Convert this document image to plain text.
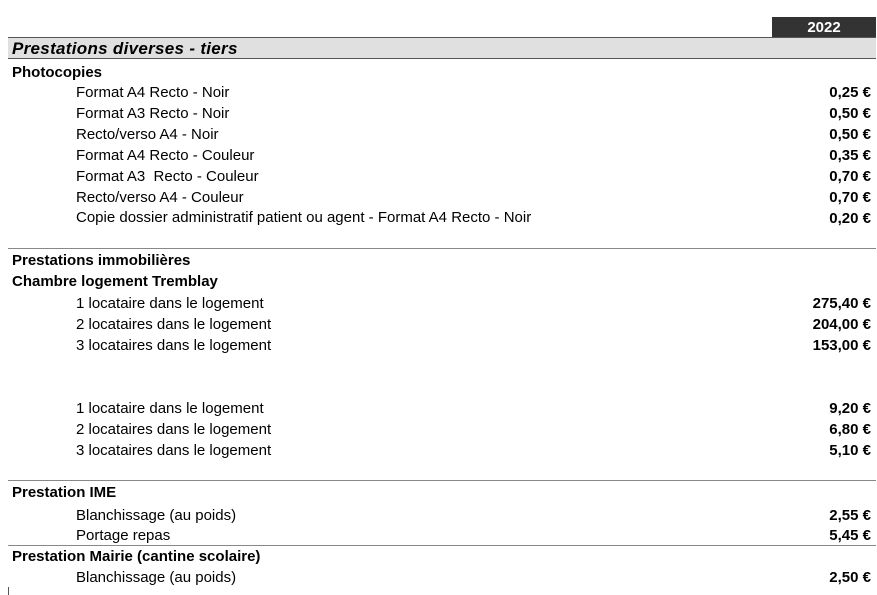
2022
Prestations diverses - tiers
Photocopies
Format A4 Recto - Noir	0,25 €
Format A3 Recto - Noir	0,50 €
Recto/verso A4 - Noir	0,50 €
Format A4 Recto - Couleur	0,35 €
Format A3  Recto - Couleur	0,70 €
Recto/verso A4 - Couleur	0,70 €
Copie dossier administratif patient ou agent - Format A4 Recto - Noir	0,20 €
Prestations immobilières
Chambre logement Tremblay
1 locataire dans le logement	275,40 €
2 locataires dans le logement	204,00 €
3 locataires dans le logement	153,00 €
1 locataire dans le logement	9,20 €
2 locataires dans le logement	6,80 €
3 locataires dans le logement	5,10 €
Prestation IME
Blanchissage (au poids)	2,55 €
Portage repas	5,45 €
Prestation Mairie (cantine scolaire)
Blanchissage (au poids)	2,50 €
